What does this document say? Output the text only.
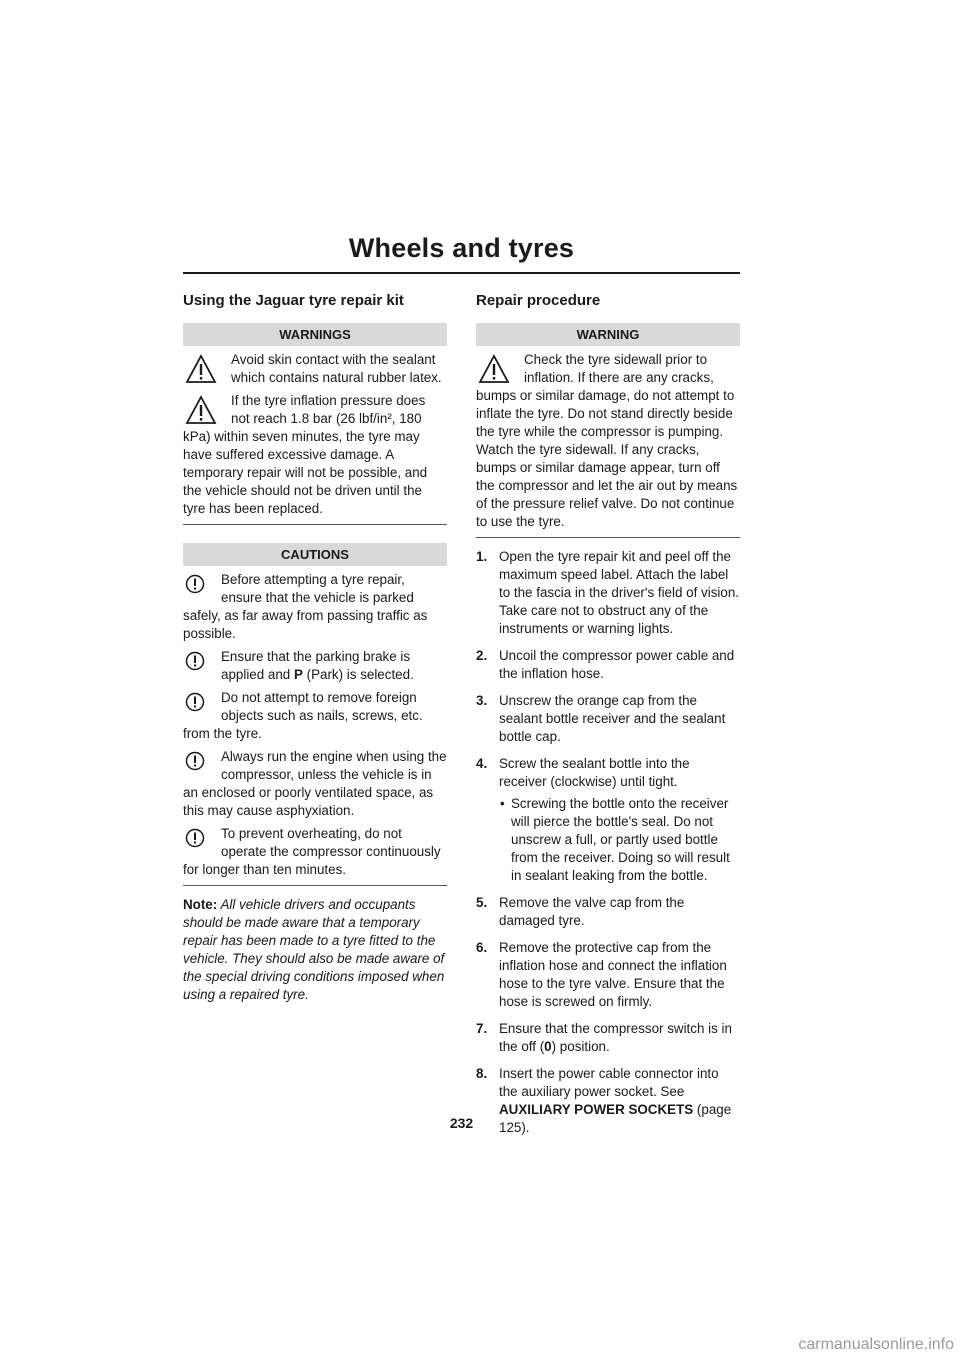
Wheels and tyres
Using the Jaguar tyre repair kit
WARNINGS
Avoid skin contact with the sealant which contains natural rubber latex.
If the tyre inflation pressure does not reach 1.8 bar (26 lbf/in², 180 kPa) within seven minutes, the tyre may have suffered excessive damage. A temporary repair will not be possible, and the vehicle should not be driven until the tyre has been replaced.
CAUTIONS
Before attempting a tyre repair, ensure that the vehicle is parked safely, as far away from passing traffic as possible.
Ensure that the parking brake is applied and P (Park) is selected.
Do not attempt to remove foreign objects such as nails, screws, etc. from the tyre.
Always run the engine when using the compressor, unless the vehicle is in an enclosed or poorly ventilated space, as this may cause asphyxiation.
To prevent overheating, do not operate the compressor continuously for longer than ten minutes.
Note: All vehicle drivers and occupants should be made aware that a temporary repair has been made to a tyre fitted to the vehicle. They should also be made aware of the special driving conditions imposed when using a repaired tyre.
Repair procedure
WARNING
Check the tyre sidewall prior to inflation. If there are any cracks, bumps or similar damage, do not attempt to inflate the tyre. Do not stand directly beside the tyre while the compressor is pumping. Watch the tyre sidewall. If any cracks, bumps or similar damage appear, turn off the compressor and let the air out by means of the pressure relief valve. Do not continue to use the tyre.
1. Open the tyre repair kit and peel off the maximum speed label. Attach the label to the fascia in the driver's field of vision. Take care not to obstruct any of the instruments or warning lights.
2. Uncoil the compressor power cable and the inflation hose.
3. Unscrew the orange cap from the sealant bottle receiver and the sealant bottle cap.
4. Screw the sealant bottle into the receiver (clockwise) until tight.
• Screwing the bottle onto the receiver will pierce the bottle's seal. Do not unscrew a full, or partly used bottle from the receiver. Doing so will result in sealant leaking from the bottle.
5. Remove the valve cap from the damaged tyre.
6. Remove the protective cap from the inflation hose and connect the inflation hose to the tyre valve. Ensure that the hose is screwed on firmly.
7. Ensure that the compressor switch is in the off (0) position.
8. Insert the power cable connector into the auxiliary power socket. See AUXILIARY POWER SOCKETS (page 125).
232
carmanualsonline.info
